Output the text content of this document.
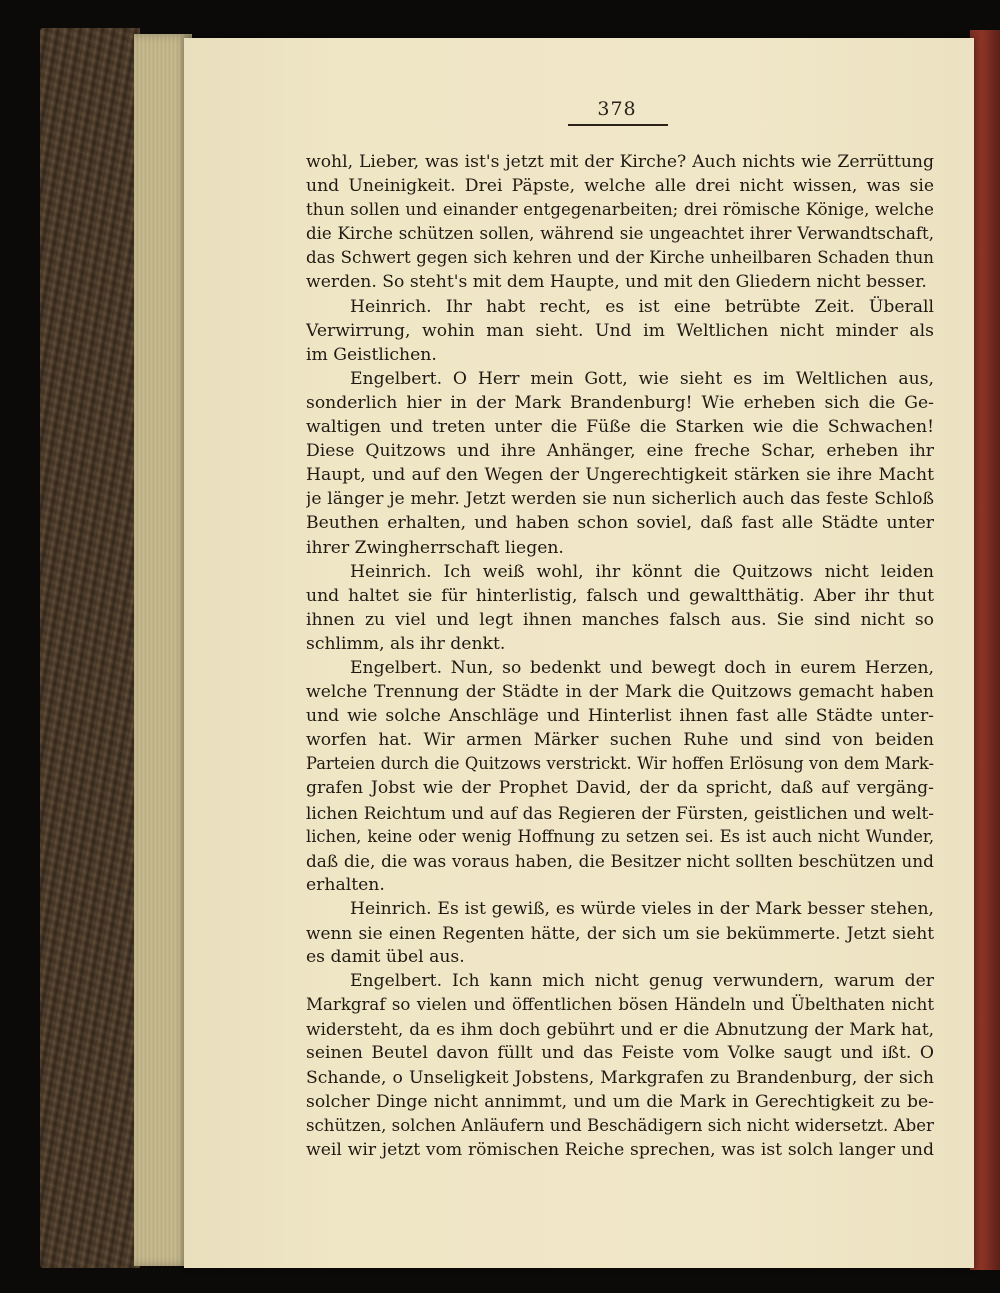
378
wohl, Lieber, was ist's jetzt mit der Kirche? Auch nichts wie Zerrüttung
und Uneinigkeit. Drei Päpste, welche alle drei nicht wissen, was sie
thun sollen und einander entgegenarbeiten; drei römische Könige, welche
die Kirche schützen sollen, während sie ungeachtet ihrer Verwandtschaft,
das Schwert gegen sich kehren und der Kirche unheilbaren Schaden thun
werden. So steht's mit dem Haupte, und mit den Gliedern nicht besser.
Heinrich. Ihr habt recht, es ist eine betrübte Zeit. Überall
Verwirrung, wohin man sieht. Und im Weltlichen nicht minder als
im Geistlichen.
Engelbert. O Herr mein Gott, wie sieht es im Weltlichen aus,
sonderlich hier in der Mark Brandenburg! Wie erheben sich die Ge-
waltigen und treten unter die Füße die Starken wie die Schwachen!
Diese Quitzows und ihre Anhänger, eine freche Schar, erheben ihr
Haupt, und auf den Wegen der Ungerechtigkeit stärken sie ihre Macht
je länger je mehr. Jetzt werden sie nun sicherlich auch das feste Schloß
Beuthen erhalten, und haben schon soviel, daß fast alle Städte unter
ihrer Zwingherrschaft liegen.
Heinrich. Ich weiß wohl, ihr könnt die Quitzows nicht leiden
und haltet sie für hinterlistig, falsch und gewaltthätig. Aber ihr thut
ihnen zu viel und legt ihnen manches falsch aus. Sie sind nicht so
schlimm, als ihr denkt.
Engelbert. Nun, so bedenkt und bewegt doch in eurem Herzen,
welche Trennung der Städte in der Mark die Quitzows gemacht haben
und wie solche Anschläge und Hinterlist ihnen fast alle Städte unter-
worfen hat. Wir armen Märker suchen Ruhe und sind von beiden
Parteien durch die Quitzows verstrickt. Wir hoffen Erlösung von dem Mark-
grafen Jobst wie der Prophet David, der da spricht, daß auf vergäng-
lichen Reichtum und auf das Regieren der Fürsten, geistlichen und welt-
lichen, keine oder wenig Hoffnung zu setzen sei. Es ist auch nicht Wunder,
daß die, die was voraus haben, die Besitzer nicht sollten beschützen und
erhalten.
Heinrich. Es ist gewiß, es würde vieles in der Mark besser stehen,
wenn sie einen Regenten hätte, der sich um sie bekümmerte. Jetzt sieht
es damit übel aus.
Engelbert. Ich kann mich nicht genug verwundern, warum der
Markgraf so vielen und öffentlichen bösen Händeln und Übelthaten nicht
widersteht, da es ihm doch gebührt und er die Abnutzung der Mark hat,
seinen Beutel davon füllt und das Feiste vom Volke saugt und ißt. O
Schande, o Unseligkeit Jobstens, Markgrafen zu Brandenburg, der sich
solcher Dinge nicht annimmt, und um die Mark in Gerechtigkeit zu be-
schützen, solchen Anläufern und Beschädigern sich nicht widersetzt. Aber
weil wir jetzt vom römischen Reiche sprechen, was ist solch langer und
